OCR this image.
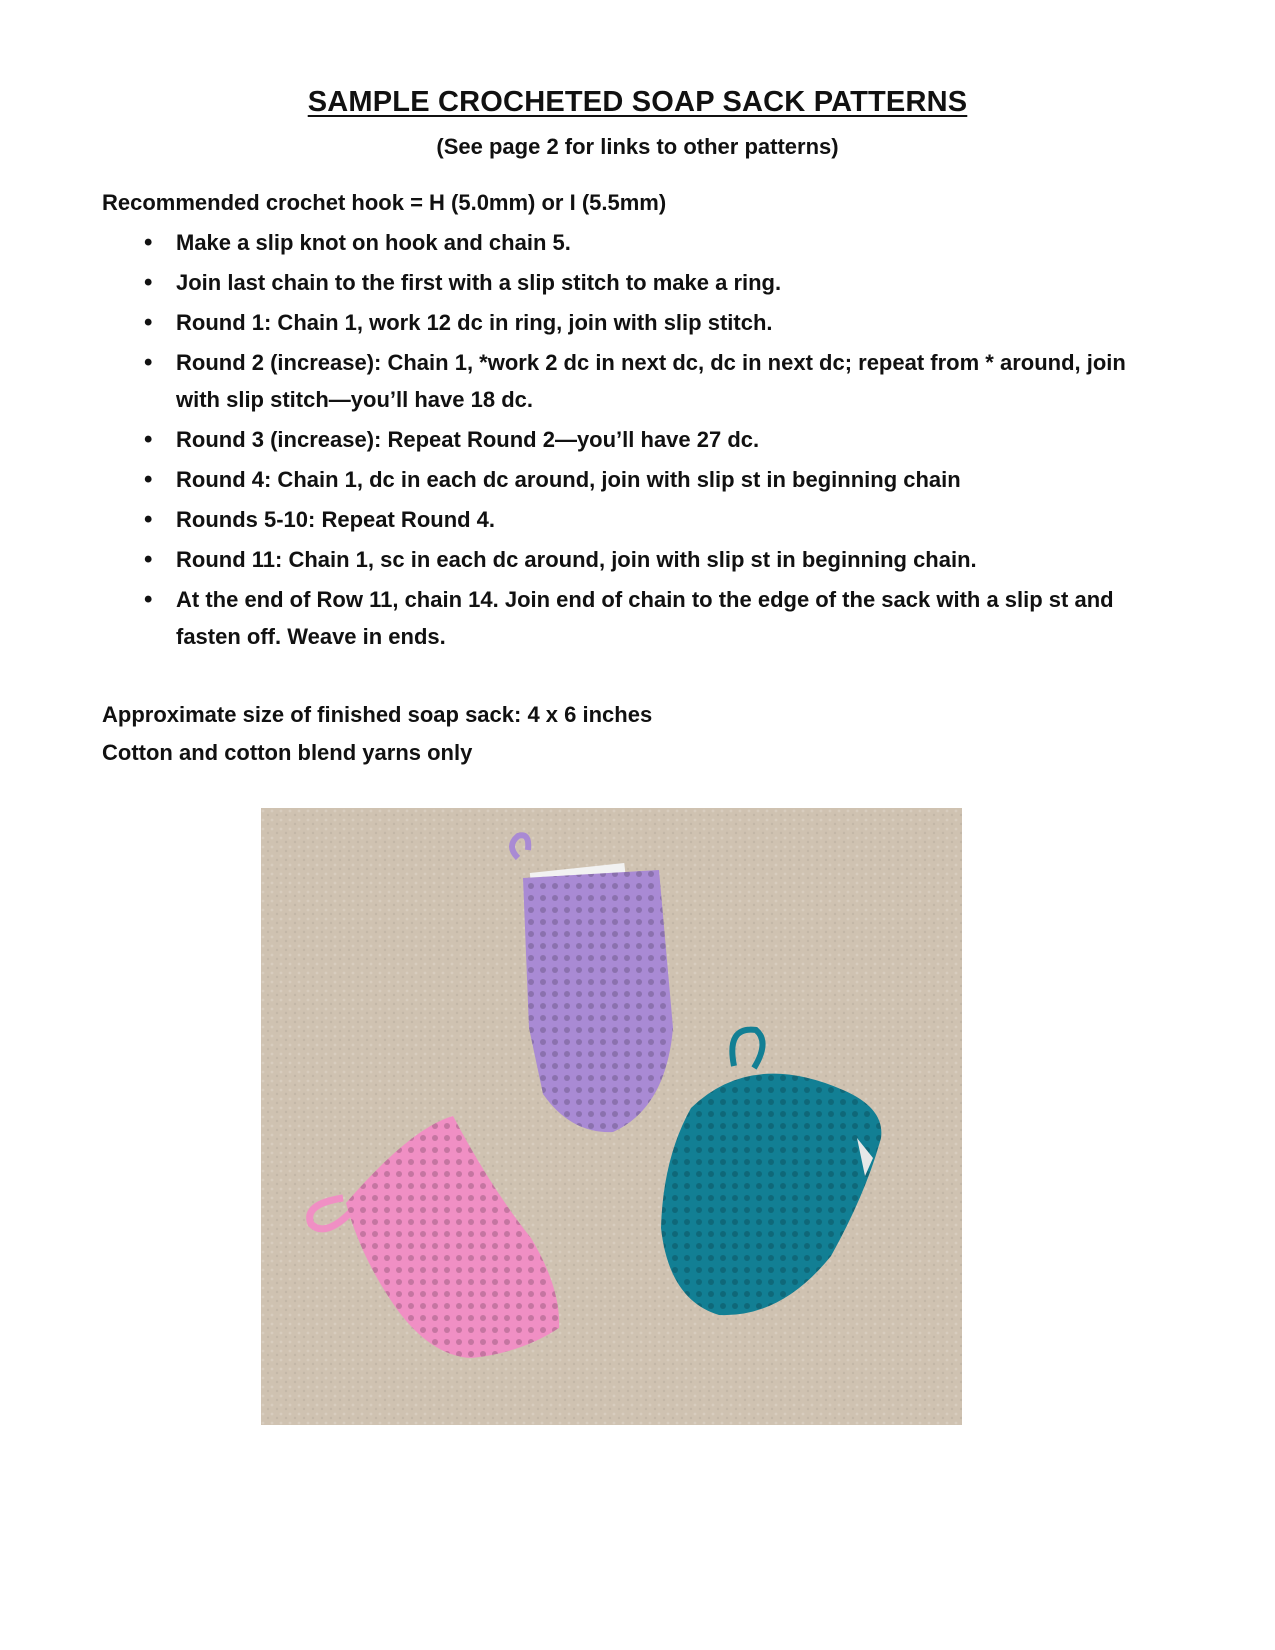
SAMPLE CROCHETED SOAP SACK PATTERNS
(See page 2 for links to other patterns)
Recommended crochet hook = H (5.0mm) or I (5.5mm)
• Make a slip knot on hook and chain 5.
• Join last chain to the first with a slip stitch to make a ring.
• Round 1: Chain 1, work 12 dc in ring, join with slip stitch.
• Round 2 (increase): Chain 1, *work 2 dc in next dc, dc in next dc; repeat from * around, join with slip stitch—you’ll have 18 dc.
• Round 3 (increase): Repeat Round 2—you’ll have 27 dc.
• Round 4: Chain 1, dc in each dc around, join with slip st in beginning chain
• Rounds 5-10: Repeat Round 4.
• Round 11: Chain 1, sc in each dc around, join with slip st in beginning chain.
• At the end of Row 11, chain 14. Join end of chain to the edge of the sack with a slip st and fasten off. Weave in ends.
Approximate size of finished soap sack: 4 x 6 inches
Cotton and cotton blend yarns only
